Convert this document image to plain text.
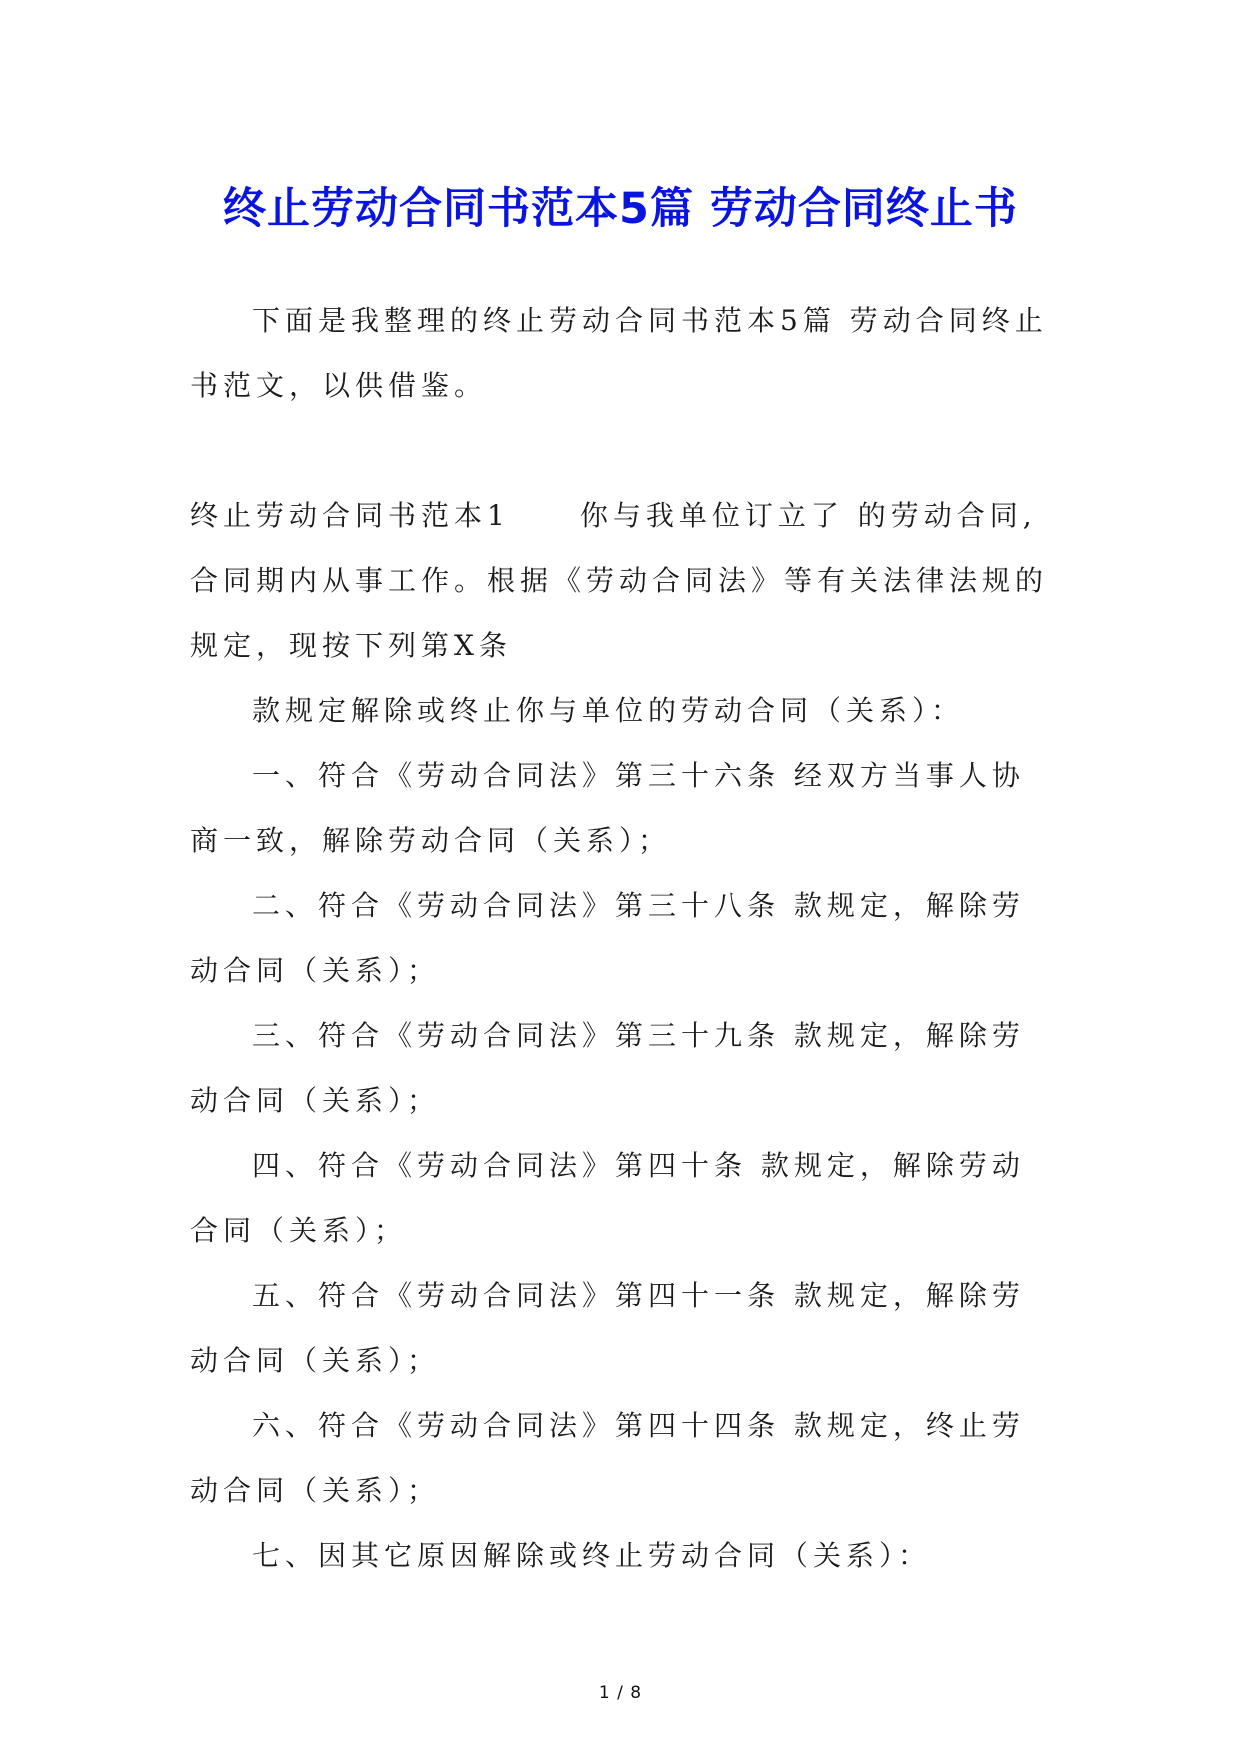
终止劳动合同书范本5篇 劳动合同终止书

下面是我整理的终止劳动合同书范本5篇 劳动合同终止书范文，以供借鉴。

终止劳动合同书范本1	你与我单位订立了 的劳动合同,合同期内从事工作。根据《劳动合同法》等有关法律法规的规定，现按下列第X条

款规定解除或终止你与单位的劳动合同（关系）：

一、符合《劳动合同法》第三十六条 经双方当事人协商一致，解除劳动合同（关系）；

二、符合《劳动合同法》第三十八条 款规定，解除劳动合同（关系）；

三、符合《劳动合同法》第三十九条 款规定，解除劳动合同（关系）；

四、符合《劳动合同法》第四十条 款规定，解除劳动合同（关系）；

五、符合《劳动合同法》第四十一条 款规定，解除劳动合同（关系）；

六、符合《劳动合同法》第四十四条 款规定，终止劳动合同（关系）；

七、因其它原因解除或终止劳动合同（关系）：

1 / 8
